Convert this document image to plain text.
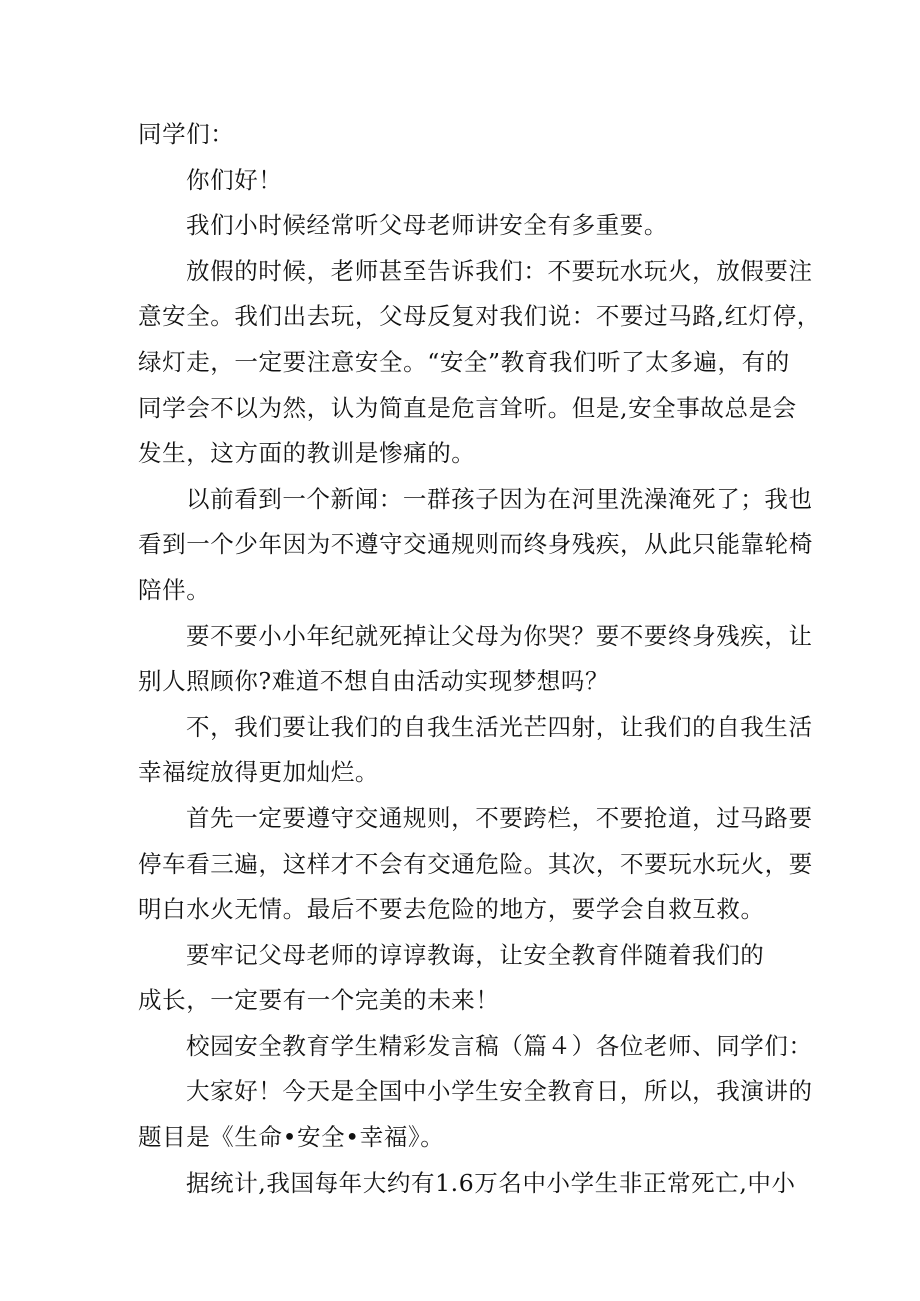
同学们：

你们好！

我们小时候经常听父母老师讲安全有多重要。

放假的时候，老师甚至告诉我们：不要玩水玩火，放假要注
意安全。我们出去玩，父母反复对我们说：不要过马路,红灯停，
绿灯走，一定要注意安全。“安全”教育我们听了太多遍，有的
同学会不以为然，认为简直是危言耸听。但是,安全事故总是会
发生，这方面的教训是惨痛的。

以前看到一个新闻：一群孩子因为在河里洗澡淹死了；我也
看到一个少年因为不遵守交通规则而终身残疾，从此只能靠轮椅
陪伴。

要不要小小年纪就死掉让父母为你哭？要不要终身残疾，让
别人照顾你?难道不想自由活动实现梦想吗？

不，我们要让我们的自我生活光芒四射，让我们的自我生活
幸福绽放得更加灿烂。

首先一定要遵守交通规则，不要跨栏，不要抢道，过马路要
停车看三遍，这样才不会有交通危险。其次，不要玩水玩火，要
明白水火无情。最后不要去危险的地方，要学会自救互救。

要牢记父母老师的谆谆教诲，让安全教育伴随着我们的
成长，一定要有一个完美的未来！

校园安全教育学生精彩发言稿（篇４）各位老师、同学们：

大家好！今天是全国中小学生安全教育日，所以，我演讲的
题目是《生命•安全•幸福》。

据统计,我国每年大约有1.6万名中小学生非正常死亡,中小
